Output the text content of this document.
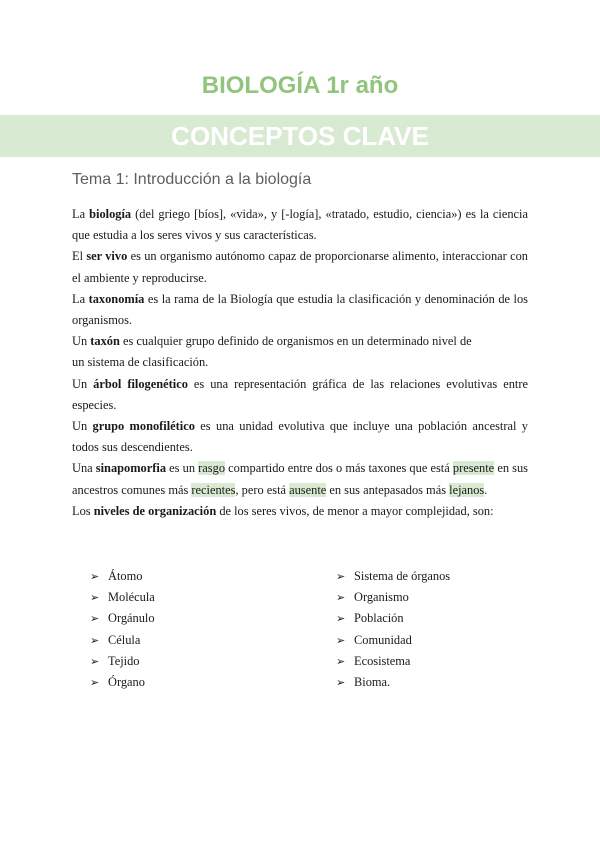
BIOLOGÍA 1r año
CONCEPTOS CLAVE
Tema 1: Introducción a la biología

La biología (del griego [bíos], «vida», y [-logía], «tratado, estudio, ciencia») es la ciencia que estudia a los seres vivos y sus características.

El ser vivo es un organismo autónomo capaz de proporcionarse alimento, interaccionar con el ambiente y reproducirse.

La taxonomía es la rama de la Biología que estudia la clasificación y denominación de los organismos.

Un taxón es cualquier grupo definido de organismos en un determinado nivel de
un sistema de clasificación.

Un árbol filogenético es una representación gráfica de las relaciones evolutivas entre especies.

Un grupo monofilético es una unidad evolutiva que incluye una población ancestral y todos sus descendientes.

Una sinapomorfia es un rasgo compartido entre dos o más taxones que está presente en sus ancestros comunes más recientes, pero está ausente en sus antepasados más lejanos.

Los niveles de organización de los seres vivos, de menor a mayor complejidad, son:

➢ Átomo
➢ Molécula
➢ Orgánulo
➢ Célula
➢ Tejido
➢ Órgano
➢ Sistema de órganos
➢ Organismo
➢ Población
➢ Comunidad
➢ Ecosistema
➢ Bioma.
